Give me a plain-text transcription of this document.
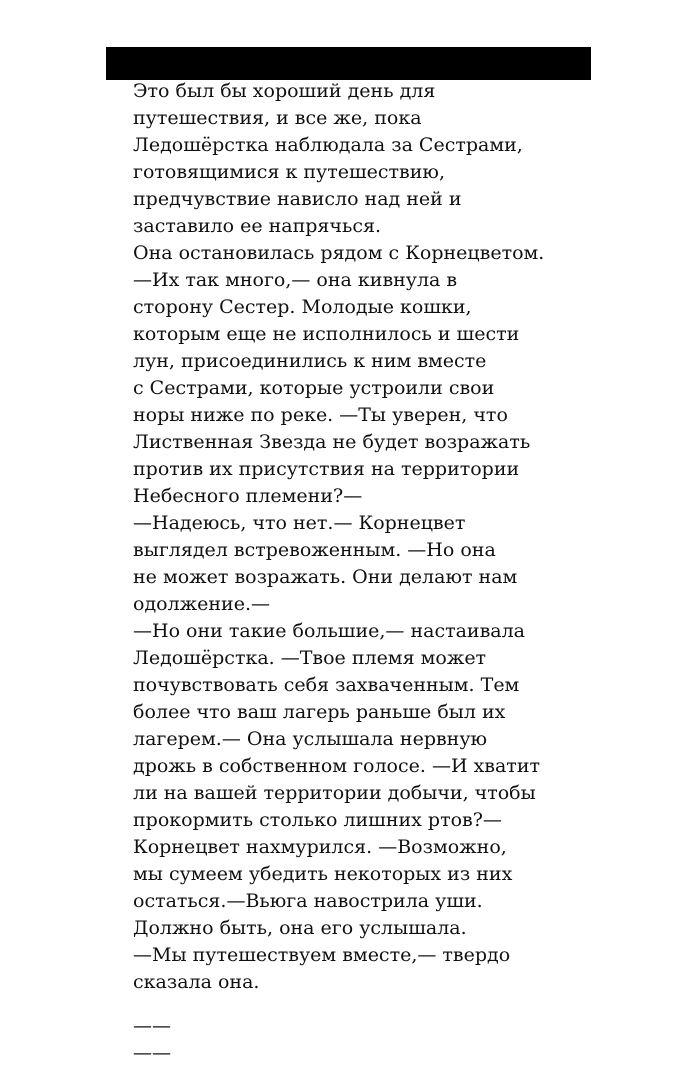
Это был бы хороший день для
путешествия, и все же, пока
Ледошёрстка наблюдала за Сестрами,
готовящимися к путешествию,
предчувствие нависло над ней и
заставило ее напрячься.
Она остановилась рядом с Корнецветом.
—Их так много,— она кивнула в
сторону Сестер. Молодые кошки,
которым еще не исполнилось и шести
лун, присоединились к ним вместе
с Сестрами, которые устроили свои
норы ниже по реке. —Ты уверен, что
Лиственная Звезда не будет возражать
против их присутствия на территории
Небесного племени?—
—Надеюсь, что нет.— Корнецвет
выглядел встревоженным. —Но она
не может возражать. Они делают нам
одолжение.—
—Но они такие большие,— настаивала
Ледошёрстка. —Твое племя может
почувствовать себя захваченным. Тем
более что ваш лагерь раньше был их
лагерем.— Она услышала нервную
дрожь в собственном голосе. —И хватит
ли на вашей территории добычи, чтобы
прокормить столько лишних ртов?—
Корнецвет нахмурился. —Возможно,
мы сумеем убедить некоторых из них
остаться.—Вьюга навострила уши.
Должно быть, она его услышала.
—Мы путешествуем вместе,— твердо
сказала она.
—— ——
